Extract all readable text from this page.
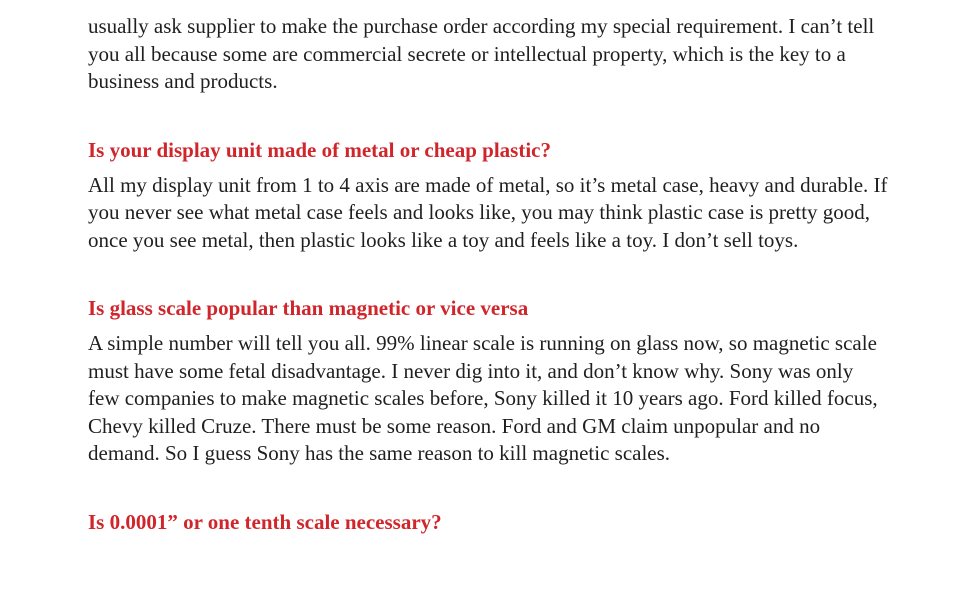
usually ask supplier to make the purchase order according my special requirement. I can’t tell you all because some are commercial secrete or intellectual property, which is the key to a business and products.

Is your display unit made of metal or cheap plastic?

All my display unit from 1 to 4 axis are made of metal, so it’s metal case, heavy and durable. If you never see what metal case feels and looks like, you may think plastic case is pretty good, once you see metal, then plastic looks like a toy and feels like a toy. I don’t sell toys.

Is glass scale popular than magnetic or vice versa

A simple number will tell you all. 99% linear scale is running on glass now, so magnetic scale must have some fetal disadvantage. I never dig into it, and don’t know why. Sony was only few companies to make magnetic scales before, Sony killed it 10 years ago. Ford killed focus, Chevy killed Cruze. There must be some reason. Ford and GM claim unpopular and no demand. So I guess Sony has the same reason to kill magnetic scales.

Is 0.0001” or one tenth scale necessary?
